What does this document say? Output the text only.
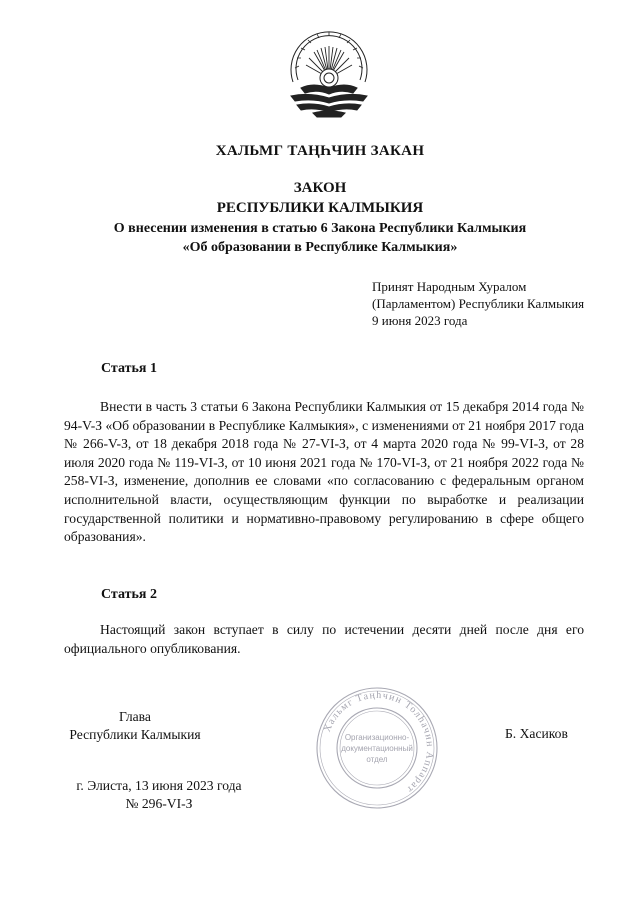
ХАЛЬМГ ТАҢҺЧИН ЗАКАН
ЗАКОН
РЕСПУБЛИКИ КАЛМЫКИЯ
О внесении изменения в статью 6 Закона Республики Калмыкия
«Об образовании в Республике Калмыкия»
Принят Народным Хуралом
(Парламентом) Республики Калмыкия
9 июня 2023 года
Статья 1
Внести в часть 3 статьи 6 Закона Республики Калмыкия от 15 декабря 2014 года № 94-V-З «Об образовании в Республике Калмыкия», с изменениями от 21 ноября 2017 года № 266-V-З, от 18 декабря 2018 года № 27-VI-З, от 4 марта 2020 года № 99-VI-З, от 28 июля 2020 года № 119-VI-З, от 10 июня 2021 года № 170-VI-З, от 21 ноября 2022 года № 258-VI-З, изменение, дополнив ее словами «по согласованию с федеральным органом исполнительной власти, осуществляющим функции по выработке и реализации государственной политики и нормативно-правовому регулированию в сфере общего образования».
Статья 2
Настоящий закон вступает в силу по истечении десяти дней после дня его официального опубликования.
Глава
Республики Калмыкия	Б. Хасиков
Хальмг Таңһчин Толһачин Аппарат
Организационно-
документационный
отдел
г. Элиста, 13 июня 2023 года
№ 296-VI-З
